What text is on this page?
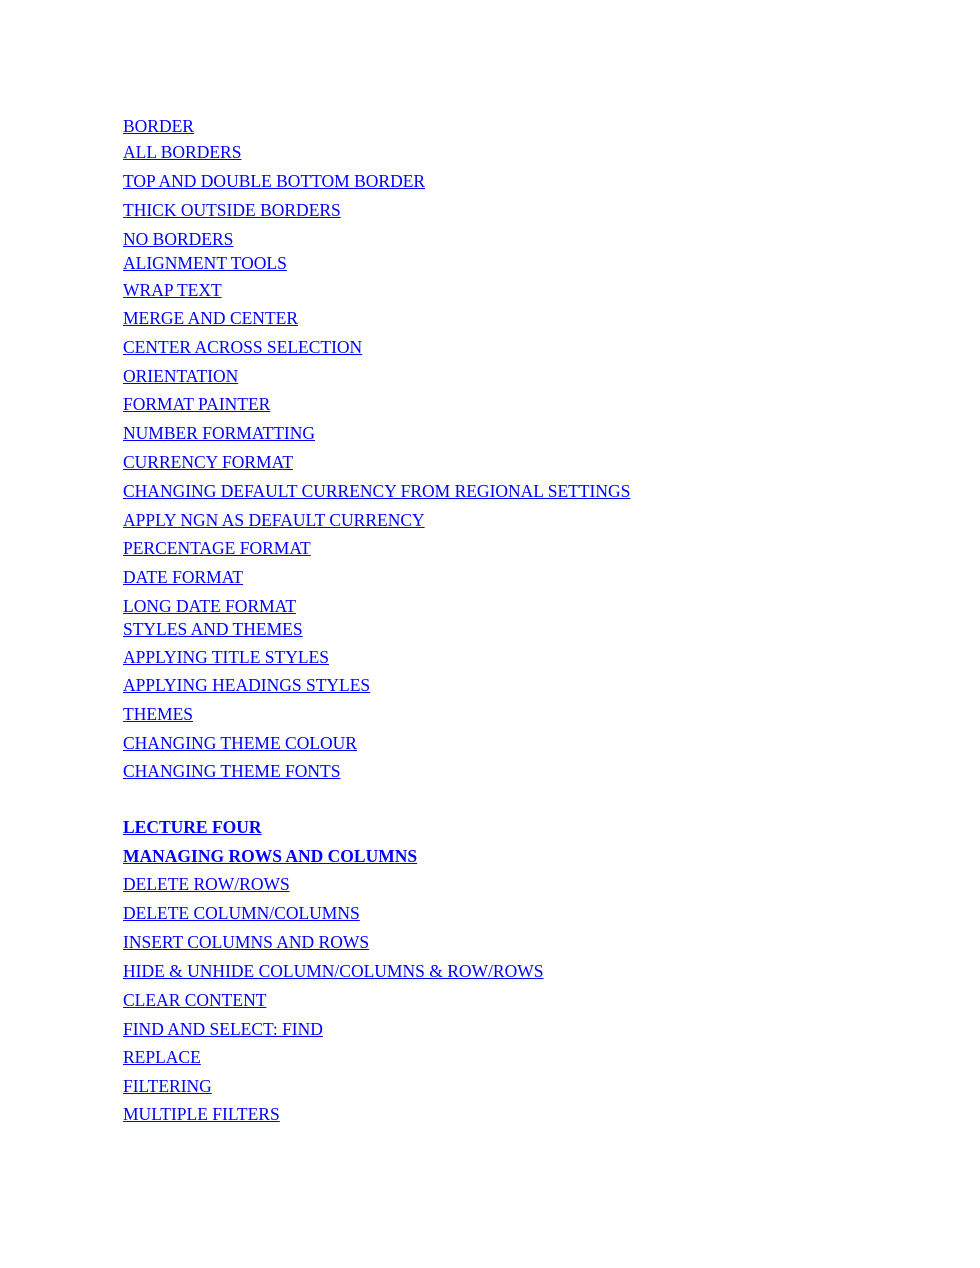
BORDER
ALL BORDERS
TOP AND DOUBLE BOTTOM BORDER
THICK OUTSIDE BORDERS
NO BORDERS
ALIGNMENT TOOLS
WRAP TEXT
MERGE AND CENTER
CENTER ACROSS SELECTION
ORIENTATION
FORMAT PAINTER
NUMBER FORMATTING
CURRENCY FORMAT
CHANGING DEFAULT CURRENCY FROM REGIONAL SETTINGS
APPLY NGN AS DEFAULT CURRENCY
PERCENTAGE FORMAT
DATE FORMAT
LONG DATE FORMAT
STYLES AND THEMES
APPLYING TITLE STYLES
APPLYING HEADINGS STYLES
THEMES
CHANGING THEME COLOUR
CHANGING THEME FONTS
LECTURE FOUR
MANAGING ROWS AND COLUMNS
DELETE ROW/ROWS
DELETE COLUMN/COLUMNS
INSERT COLUMNS AND ROWS
HIDE & UNHIDE COLUMN/COLUMNS & ROW/ROWS
CLEAR CONTENT
FIND AND SELECT: FIND
REPLACE
FILTERING
MULTIPLE FILTERS
